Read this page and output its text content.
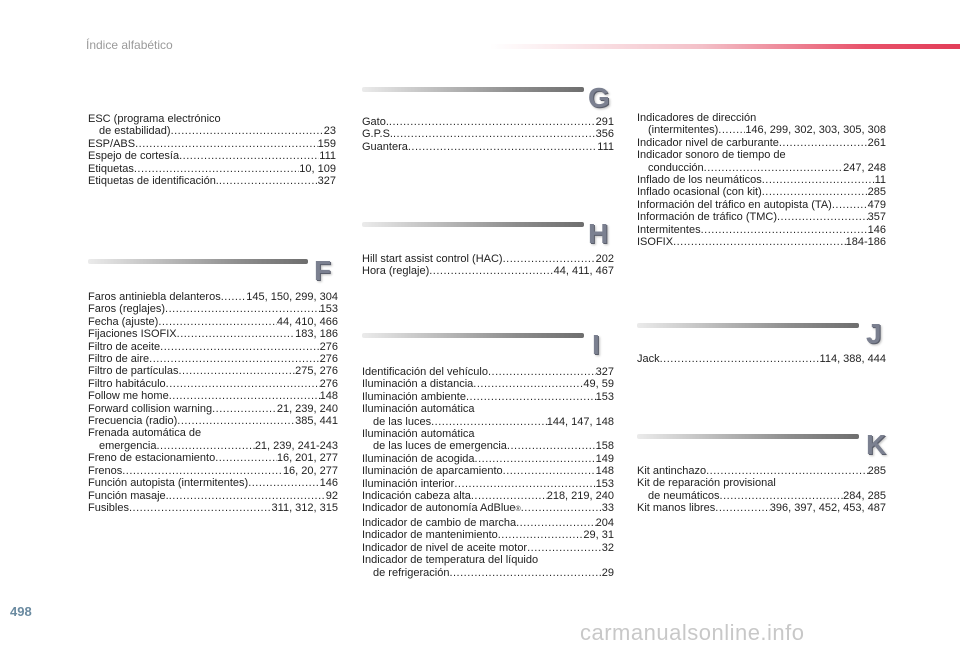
Índice alfabético
ESC (programa electrónico
de estabilidad) .....	23
ESP/ABS .....	159
Espejo de cortesía .....	111
Etiquetas .....	10, 109
Etiquetas de identificación. .....	327
F
Faros antiniebla delanteros ..... 145, 150, 299, 304
Faros (reglajes) .....	153
Fecha (ajuste) .....	44, 410, 466
Fijaciones ISOFIX .....	183, 186
Filtro de aceite .....	276
Filtro de aire .....	276
Filtro de partículas .....	275, 276
Filtro habitáculo .....	276
Follow me home .....	148
Forward collision warning .....	21, 239, 240
Frecuencia (radio) .....	385, 441
Frenada automática de
emergencia .....	21, 239, 241-243
Freno de estacionamiento .....	16, 201, 277
Frenos .....	16, 20, 277
Función autopista (intermitentes) .....	146
Función masaje. .....	92
Fusibles .....	311, 312, 315
G
Gato. .....	291
G.P.S. .....	356
Guantera .....	111
H
Hill start assist control (HAC) .....	202
Hora (reglaje) .....	44, 411, 467
I
Identificación del vehículo .....	327
Iluminación a distancia .....	49, 59
Iluminación ambiente .....	153
Iluminación automática
de las luces .....	144, 147, 148
Iluminación automática
de las luces de emergencia .....	158
Iluminación de acogida .....	149
Iluminación de aparcamiento .....	148
Iluminación interior .....	153
Indicación cabeza alta .....	218, 219, 240
Indicador de autonomía AdBlue ® .....	33
Indicador de cambio de marcha .....	204
Indicador de mantenimiento .....	29, 31
Indicador de nivel de aceite motor .....	32
Indicador de temperatura del líquido
de refrigeración .....	29
Indicadores de dirección
(intermitentes) ..... 146, 299, 302, 303, 305, 308
Indicador nivel de carburante .....	261
Indicador sonoro de tiempo de
conducción .....	247, 248
Inflado de los neumáticos .....	11
Inflado ocasional (con kit) .....	285
Información del tráfico en autopista (TA) .....	479
Información de tráfico (TMC) .....	357
Intermitentes .....	146
ISOFIX .....	184-186
J
Jack .....	114, 388, 444
K
Kit antinchazo .....	285
Kit de reparación provisional
de neumáticos .....	284, 285
Kit manos libres .....	396, 397, 452, 453, 487
498
carmanualsonline.info
